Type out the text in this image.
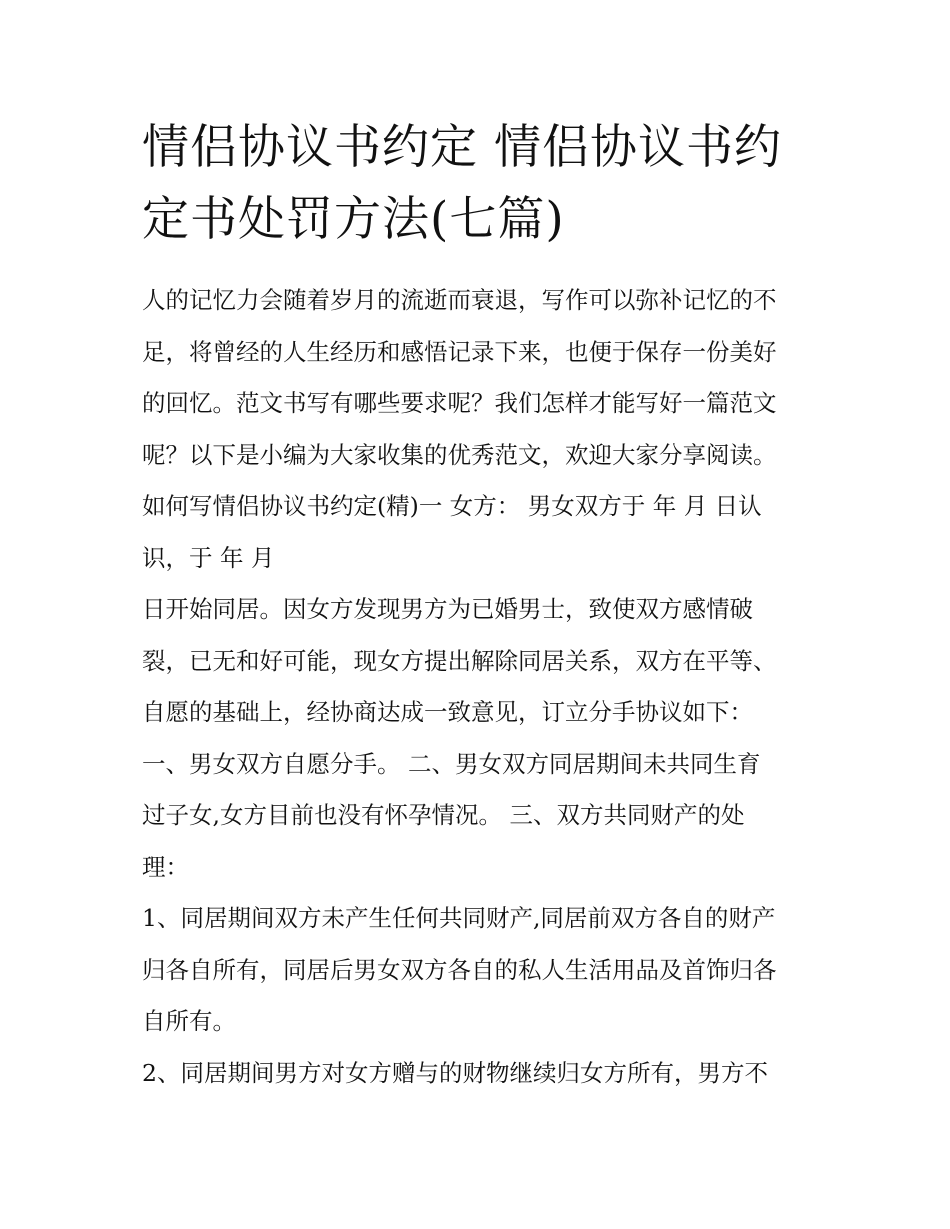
情侣协议书约定 情侣协议书约
定书处罚方法(七篇)
人的记忆力会随着岁月的流逝而衰退，写作可以弥补记忆的不
足，将曾经的人生经历和感悟记录下来，也便于保存一份美好
的回忆。范文书写有哪些要求呢？我们怎样才能写好一篇范文
呢？以下是小编为大家收集的优秀范文，欢迎大家分享阅读。
如何写情侣协议书约定(精)一 女方： 男女双方于 年 月 日认
识，于 年 月
日开始同居。因女方发现男方为已婚男士，致使双方感情破
裂，已无和好可能，现女方提出解除同居关系，双方在平等、
自愿的基础上，经协商达成一致意见，订立分手协议如下：
一、男女双方自愿分手。 二、男女双方同居期间未共同生育
过子女,女方目前也没有怀孕情况。 三、双方共同财产的处
理：
1、同居期间双方未产生任何共同财产,同居前双方各自的财产
归各自所有，同居后男女双方各自的私人生活用品及首饰归各
自所有。
2、同居期间男方对女方赠与的财物继续归女方所有，男方不
